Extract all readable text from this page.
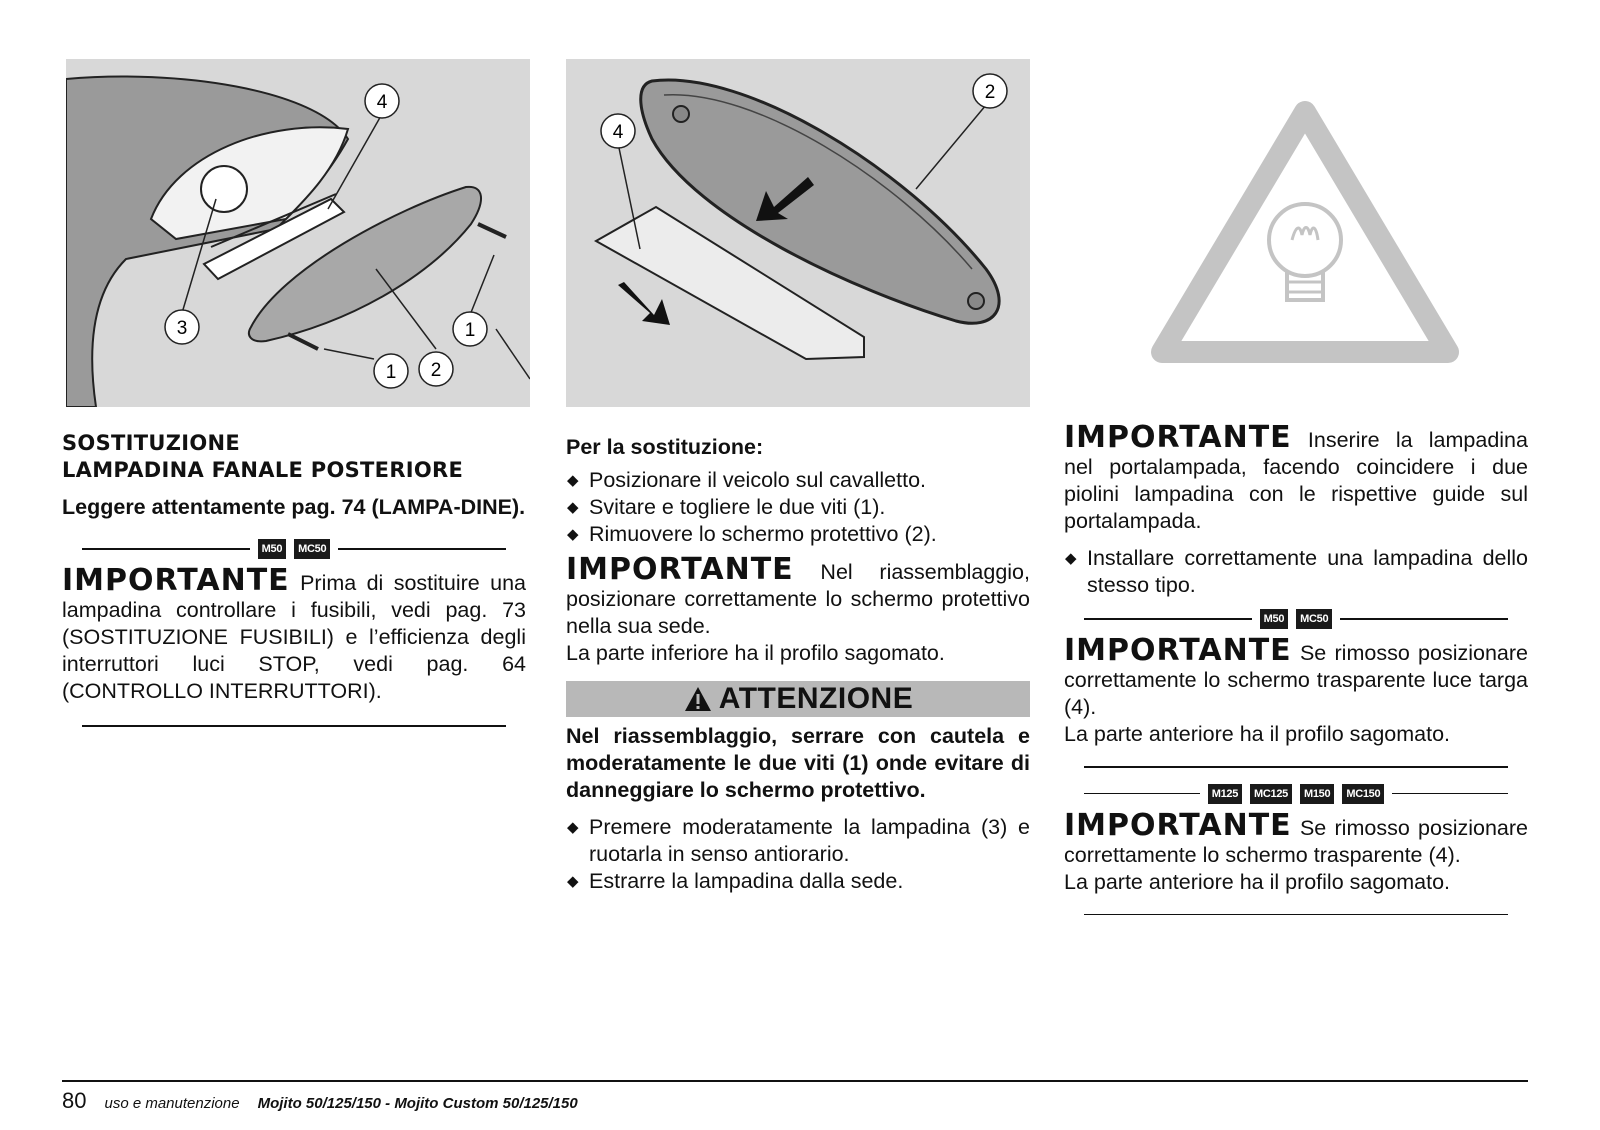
4
3	1
1 2
2
4
SOSTITUZIONE
LAMPADINA FANALE POSTERIORE
Leggere attentamente pag. 74 (LAMPA-DINE).
M50	MC50
IMPORTANTE Prima di sostituire una lampadina controllare i fusibili, vedi pag. 73 (SOSTITUZIONE FUSIBILI) e l’efficienza degli interruttori luci STOP, vedi pag. 64 (CONTROLLO INTERRUTTORI).
Per la sostituzione:
◆ Posizionare il veicolo sul cavalletto.
◆ Svitare e togliere le due viti (1).
◆ Rimuovere lo schermo protettivo (2).
IMPORTANTE Nel riassemblaggio, posizionare correttamente lo schermo protettivo nella sua sede.
La parte inferiore ha il profilo sagomato.
ATTENZIONE
Nel riassemblaggio, serrare con cautela e moderatamente le due viti (1) onde evitare di danneggiare lo schermo protettivo.
◆ Premere moderatamente la lampadina (3) e ruotarla in senso antiorario.
◆ Estrarre la lampadina dalla sede.
IMPORTANTE Inserire la lampadina nel portalampada, facendo coincidere i due piolini lampadina con le rispettive guide sul portalampada.
◆ Installare correttamente una lampadina dello stesso tipo.
M50	MC50
IMPORTANTE Se rimosso posizionare correttamente lo schermo trasparente luce targa (4).
La parte anteriore ha il profilo sagomato.
M125	MC125	M150	MC150
IMPORTANTE Se rimosso posizionare correttamente lo schermo trasparente (4).
La parte anteriore ha il profilo sagomato.
80 uso e manutenzione Mojito 50/125/150 - Mojito Custom 50/125/150
